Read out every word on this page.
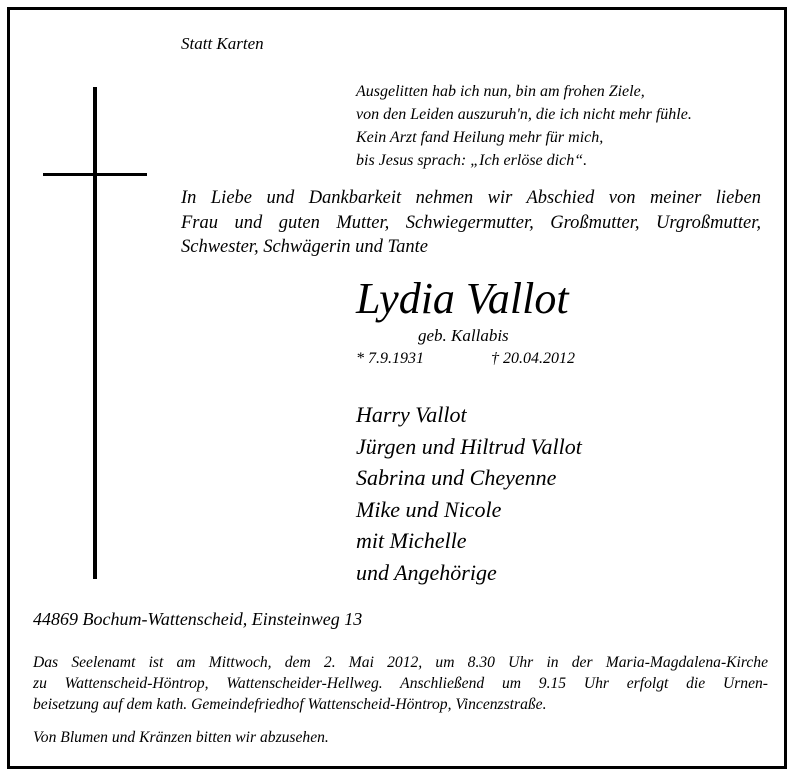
Statt Karten
Ausgelitten hab ich nun, bin am frohen Ziele,
von den Leiden auszuruh'n, die ich nicht mehr fühle.
Kein Arzt fand Heilung mehr für mich,
bis Jesus sprach: „Ich erlöse dich“.
In Liebe und Dankbarkeit nehmen wir Abschied von meiner lieben
Frau und guten Mutter, Schwiegermutter, Großmutter, Urgroßmutter,
Schwester, Schwägerin und Tante
Lydia Vallot
geb. Kallabis
* 7.9.1931	† 20.04.2012
Harry Vallot
Jürgen und Hiltrud Vallot
Sabrina und Cheyenne
Mike und Nicole
mit Michelle
und Angehörige
44869 Bochum-Wattenscheid, Einsteinweg 13
Das Seelenamt ist am Mittwoch, dem 2. Mai 2012, um 8.30 Uhr in der Maria-Magdalena-Kirche
zu Wattenscheid-Höntrop, Wattenscheider-Hellweg. Anschließend um 9.15 Uhr erfolgt die Urnen-
beisetzung auf dem kath. Gemeindefriedhof Wattenscheid-Höntrop, Vincenzstraße.
Von Blumen und Kränzen bitten wir abzusehen.
